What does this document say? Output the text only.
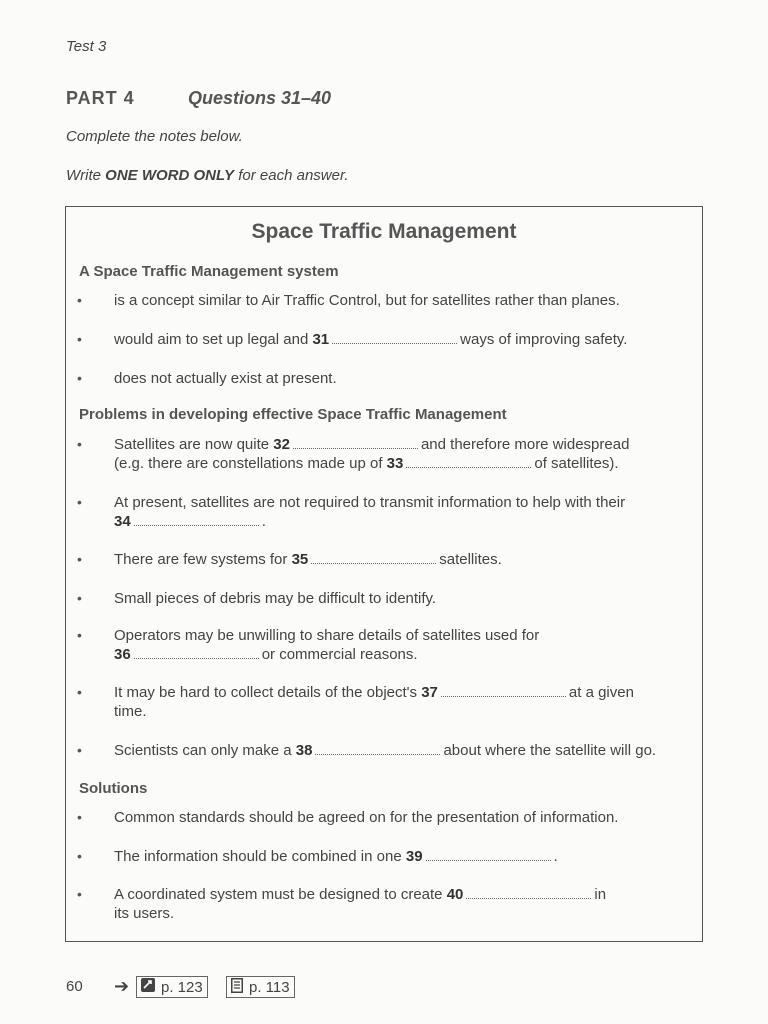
Test 3
PART 4	Questions 31–40
Complete the notes below.
Write ONE WORD ONLY for each answer.
Space Traffic Management
A Space Traffic Management system
• is a concept similar to Air Traffic Control, but for satellites rather than planes.
• would aim to set up legal and 31	ways of improving safety.
• does not actually exist at present.
Problems in developing effective Space Traffic Management
• Satellites are now quite 32	and therefore more widespread
(e.g. there are constellations made up of 33	of satellites).
• At present, satellites are not required to transmit information to help with their
34	.
• There are few systems for 35	satellites.
• Small pieces of debris may be difficult to identify.
• Operators may be unwilling to share details of satellites used for
36	or commercial reasons.
• It may be hard to collect details of the object's 37	at a given
time.
• Scientists can only make a 38	about where the satellite will go.
Solutions
• Common standards should be agreed on for the presentation of information.
• The information should be combined in one 39	.
• A coordinated system must be designed to create 40	in
its users.
60 ➔ p. 123	p. 113
